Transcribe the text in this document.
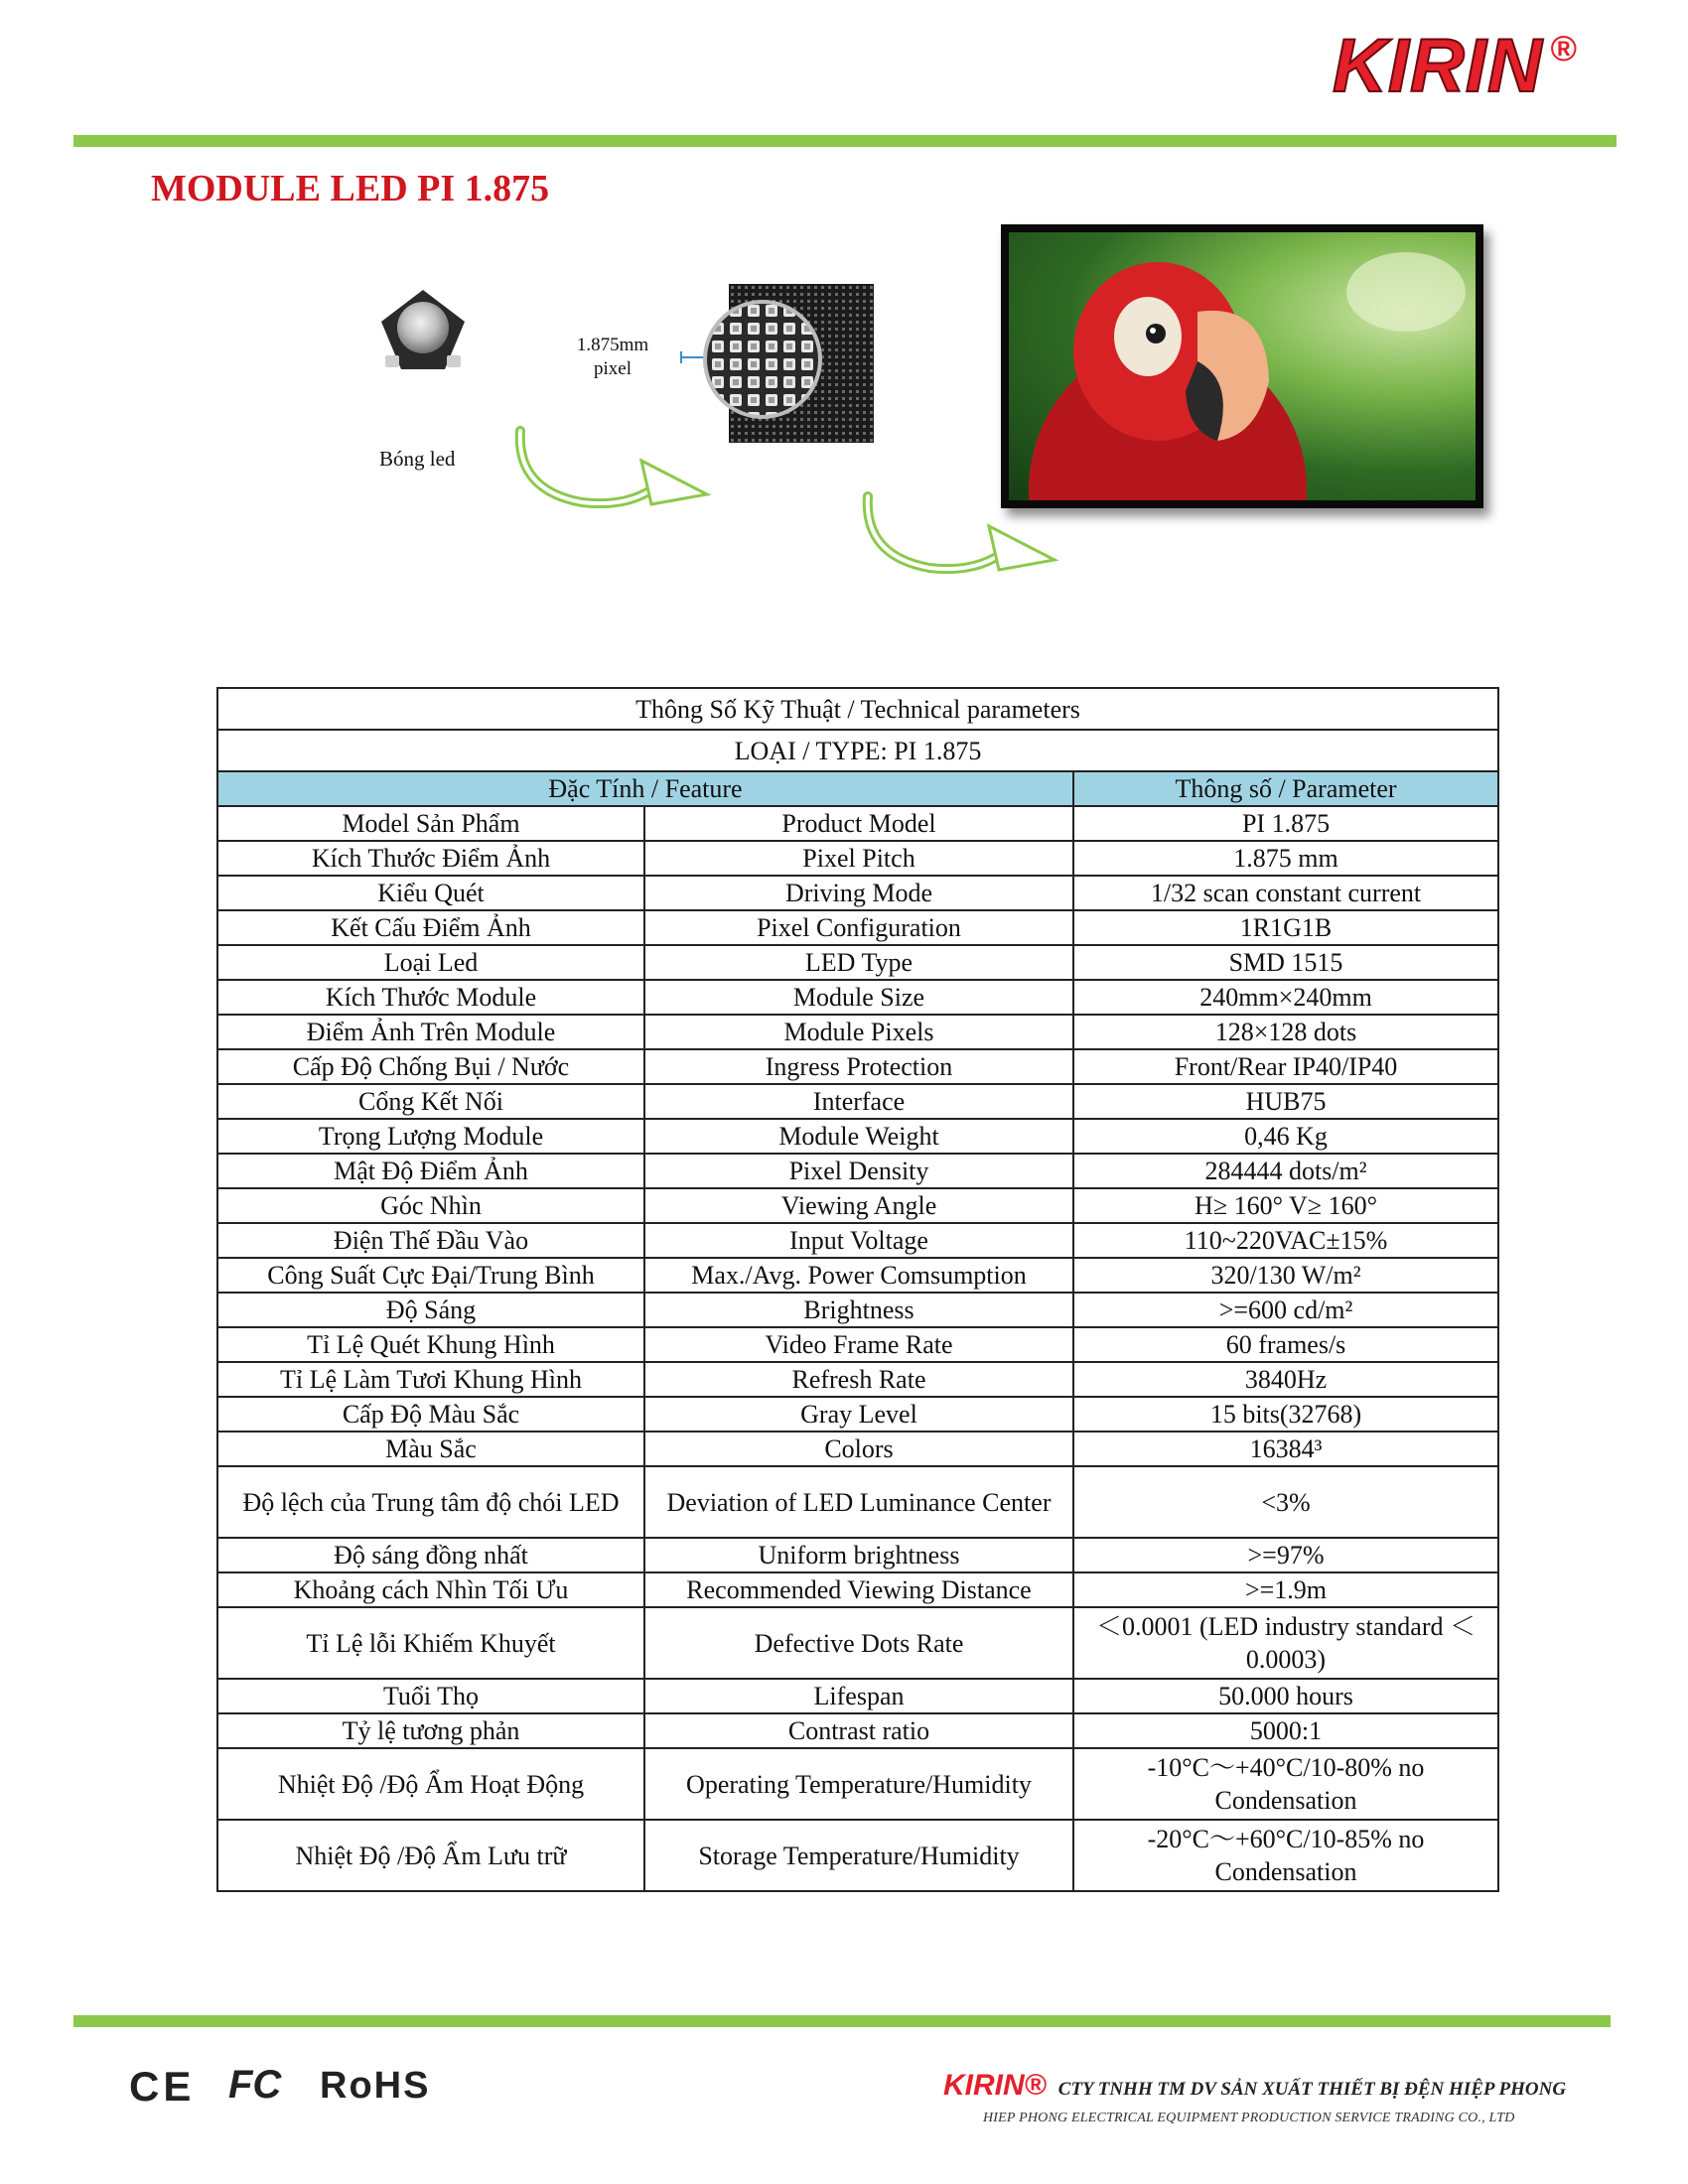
KIRIN ®
MODULE LED PI 1.875
Bóng led
1.875mm
pixel
Thông Số Kỹ Thuật / Technical parameters		
LOẠI / TYPE: PI 1.875		
Đặc Tính / Feature		Thông số / Parameter
Model Sản Phẩm	Product Model	PI 1.875
Kích Thước Điểm Ảnh	Pixel Pitch	1.875 mm
Kiểu Quét	Driving Mode	1/32 scan constant current
Kết Cấu Điểm Ảnh	Pixel Configuration	1R1G1B
Loại Led	LED Type	SMD 1515
Kích Thước Module	Module Size	240mm×240mm
Điểm Ảnh Trên Module	Module Pixels	128×128 dots
Cấp Độ Chống Bụi / Nước	Ingress Protection	Front/Rear IP40/IP40
Cổng Kết Nối	Interface	HUB75
Trọng Lượng Module	Module Weight	0,46 Kg
Mật Độ Điểm Ảnh	Pixel Density	284444 dots/m²
Góc Nhìn	Viewing Angle	H≥ 160° V≥ 160°
Điện Thế Đầu Vào	Input Voltage	110~220VAC±15%
Công Suất Cực Đại/Trung Bình	Max./Avg. Power Comsumption	320/130 W/m²
Độ Sáng	Brightness	>=600 cd/m²
Tỉ Lệ Quét Khung Hình	Video Frame Rate	60 frames/s
Tỉ Lệ Làm Tươi Khung Hình	Refresh Rate	3840Hz
Cấp Độ Màu Sắc	Gray Level	15 bits(32768)
Màu Sắc	Colors	16384³
Độ lệch của Trung tâm độ chói LED	Deviation of LED Luminance Center	<3%
Độ sáng đồng nhất	Uniform brightness	>=97%
Khoảng cách Nhìn Tối Ưu	Recommended Viewing Distance	>=1.9m
Tỉ Lệ lỗi Khiếm Khuyết	Defective Dots Rate	＜0.0001 (LED industry standard ＜0.0003)
Tuổi Thọ	Lifespan	50.000 hours
Tỷ lệ tương phản	Contrast ratio	5000:1
Nhiệt Độ /Độ Ẩm Hoạt Động	Operating Temperature/Humidity	-10°C～+40°C/10-80% no Condensation
Nhiệt Độ /Độ Ẩm Lưu trữ	Storage Temperature/Humidity	-20°C～+60°C/10-85% no Condensation
CE FC RoHS	KIRIN® CTY TNHH TM DV SẢN XUẤT THIẾT BỊ ĐỆN HIỆP PHONG
HIEP PHONG ELECTRICAL EQUIPMENT PRODUCTION SERVICE TRADING CO., LTD
